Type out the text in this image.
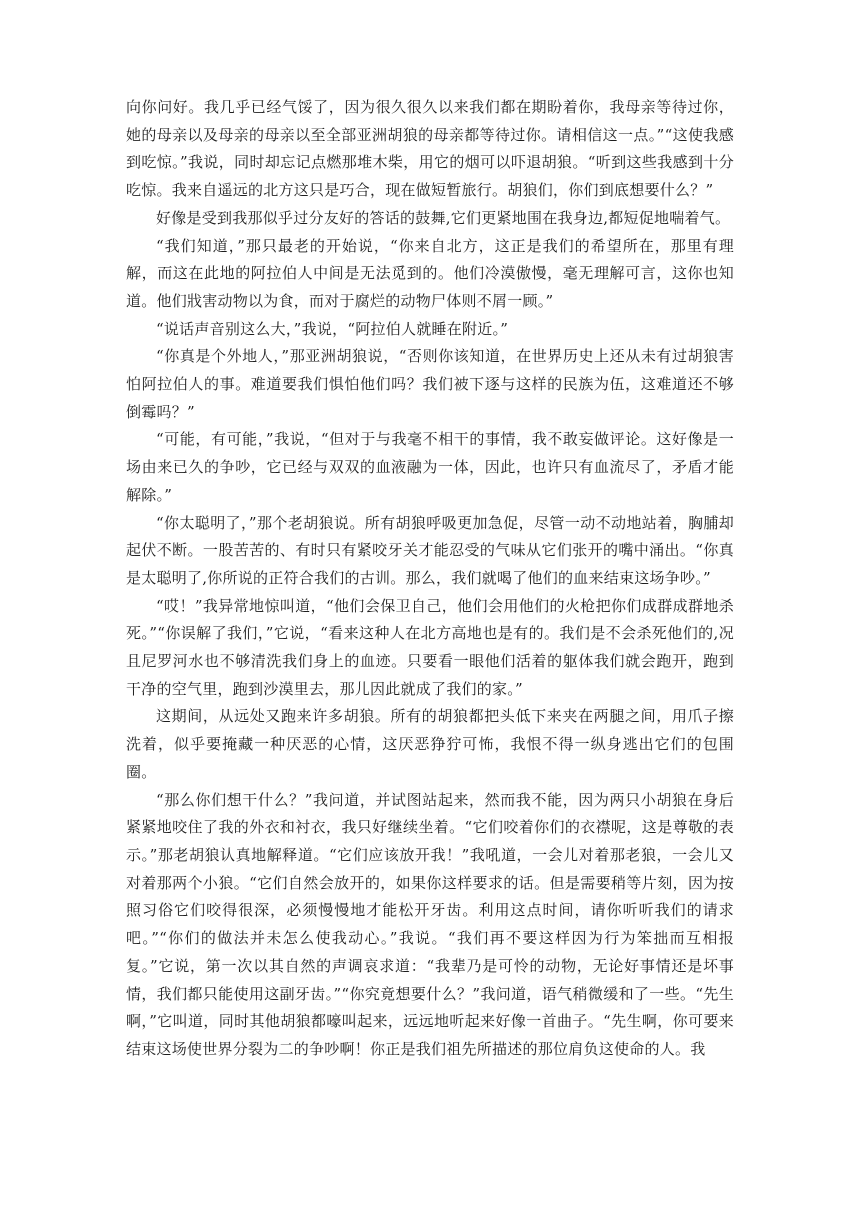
向你问好。我几乎已经气馁了，因为很久很久以来我们都在期盼着你，我母亲等待过你，她的母亲以及母亲的母亲以至全部亚洲胡狼的母亲都等待过你。请相信这一点。”“这使我感到吃惊。”我说，同时却忘记点燃那堆木柴，用它的烟可以吓退胡狼。“听到这些我感到十分吃惊。我来自遥远的北方这只是巧合，现在做短暂旅行。胡狼们，你们到底想要什么？”

好像是受到我那似乎过分友好的答话的鼓舞,它们更紧地围在我身边,都短促地喘着气。

“我们知道，”那只最老的开始说，“你来自北方，这正是我们的希望所在，那里有理解，而这在此地的阿拉伯人中间是无法觅到的。他们冷漠傲慢，毫无理解可言，这你也知道。他们戕害动物以为食，而对于腐烂的动物尸体则不屑一顾。”

“说话声音别这么大，”我说，“阿拉伯人就睡在附近。”

“你真是个外地人，”那亚洲胡狼说，“否则你该知道，在世界历史上还从未有过胡狼害怕阿拉伯人的事。难道要我们惧怕他们吗？我们被下逐与这样的民族为伍，这难道还不够倒霉吗？”

“可能，有可能，”我说，“但对于与我毫不相干的事情，我不敢妄做评论。这好像是一场由来已久的争吵，它已经与双双的血液融为一体，因此，也许只有血流尽了，矛盾才能解除。”

“你太聪明了，”那个老胡狼说。所有胡狼呼吸更加急促，尽管一动不动地站着，胸脯却起伏不断。一股苦苦的、有时只有紧咬牙关才能忍受的气味从它们张开的嘴中涌出。“你真是太聪明了,你所说的正符合我们的古训。那么，我们就喝了他们的血来结束这场争吵。”

“哎！”我异常地惊叫道，“他们会保卫自己，他们会用他们的火枪把你们成群成群地杀死。”“你误解了我们，”它说，“看来这种人在北方高地也是有的。我们是不会杀死他们的,况且尼罗河水也不够清洗我们身上的血迹。只要看一眼他们活着的躯体我们就会跑开，跑到干净的空气里，跑到沙漠里去，那儿因此就成了我们的家。”

这期间，从远处又跑来许多胡狼。所有的胡狼都把头低下来夹在两腿之间，用爪子擦洗着，似乎要掩藏一种厌恶的心情，这厌恶狰狞可怖，我恨不得一纵身逃出它们的包围圈。

“那么你们想干什么？”我问道，并试图站起来，然而我不能，因为两只小胡狼在身后紧紧地咬住了我的外衣和衬衣，我只好继续坐着。“它们咬着你们的衣襟呢，这是尊敬的表示。”那老胡狼认真地解释道。“它们应该放开我！”我吼道，一会儿对着那老狼，一会儿又对着那两个小狼。“它们自然会放开的，如果你这样要求的话。但是需要稍等片刻，因为按照习俗它们咬得很深，必须慢慢地才能松开牙齿。利用这点时间，请你听听我们的请求吧。”“你们的做法并未怎么使我动心。”我说。“我们再不要这样因为行为笨拙而互相报复。”它说，第一次以其自然的声调哀求道：“我辈乃是可怜的动物，无论好事情还是坏事情，我们都只能使用这副牙齿。”“你究竟想要什么？”我问道，语气稍微缓和了一些。“先生啊，”它叫道，同时其他胡狼都嚎叫起来，远远地听起来好像一首曲子。“先生啊，你可要来结束这场使世界分裂为二的争吵啊！你正是我们祖先所描述的那位肩负这使命的人。我
